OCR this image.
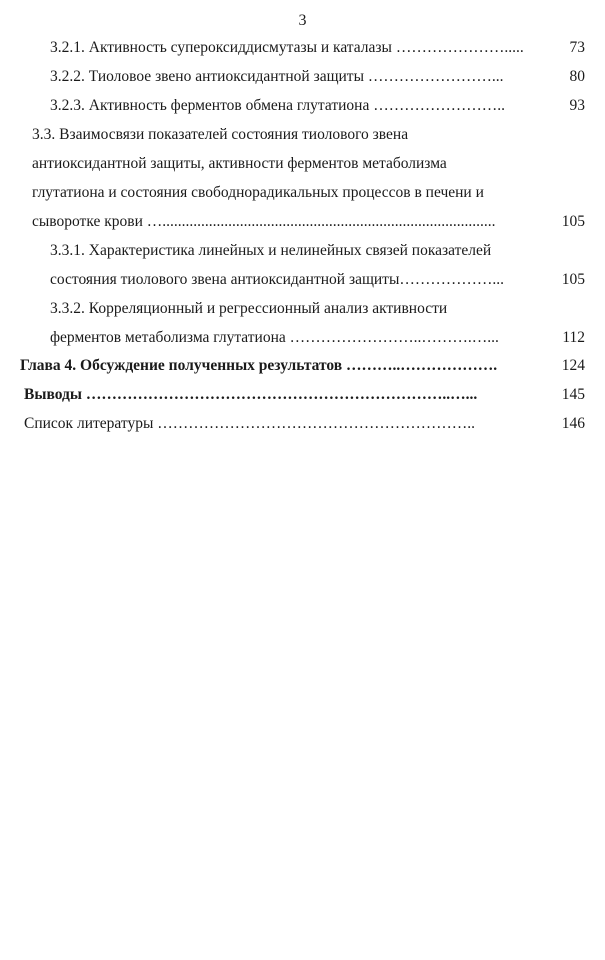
3
3.2.1. Активность супероксиддисмутазы и каталазы ………………….....	73
3.2.2. Тиоловое звено антиоксидантной защиты ……………………...	80
3.2.3. Активность ферментов обмена глутатиона ……………………..	93
3.3. Взаимосвязи показателей состояния тиолового звена
антиоксидантной защиты, активности ферментов метаболизма
глутатиона и состояния свободнорадикальных процессов в печени и
сыворотке крови …......................................................................................	105
3.3.1. Характеристика линейных и нелинейных связей показателей
состояния тиолового звена антиоксидантной защиты………………...	105
3.3.2. Корреляционный и регрессионный анализ активности
ферментов метаболизма глутатиона ……………………..……….…...	112
Глава 4. Обсуждение полученных результатов ………..……………….	124
Выводы ……………………………………………………………..…...	145
Список литературы ……………………………………………………..	146
